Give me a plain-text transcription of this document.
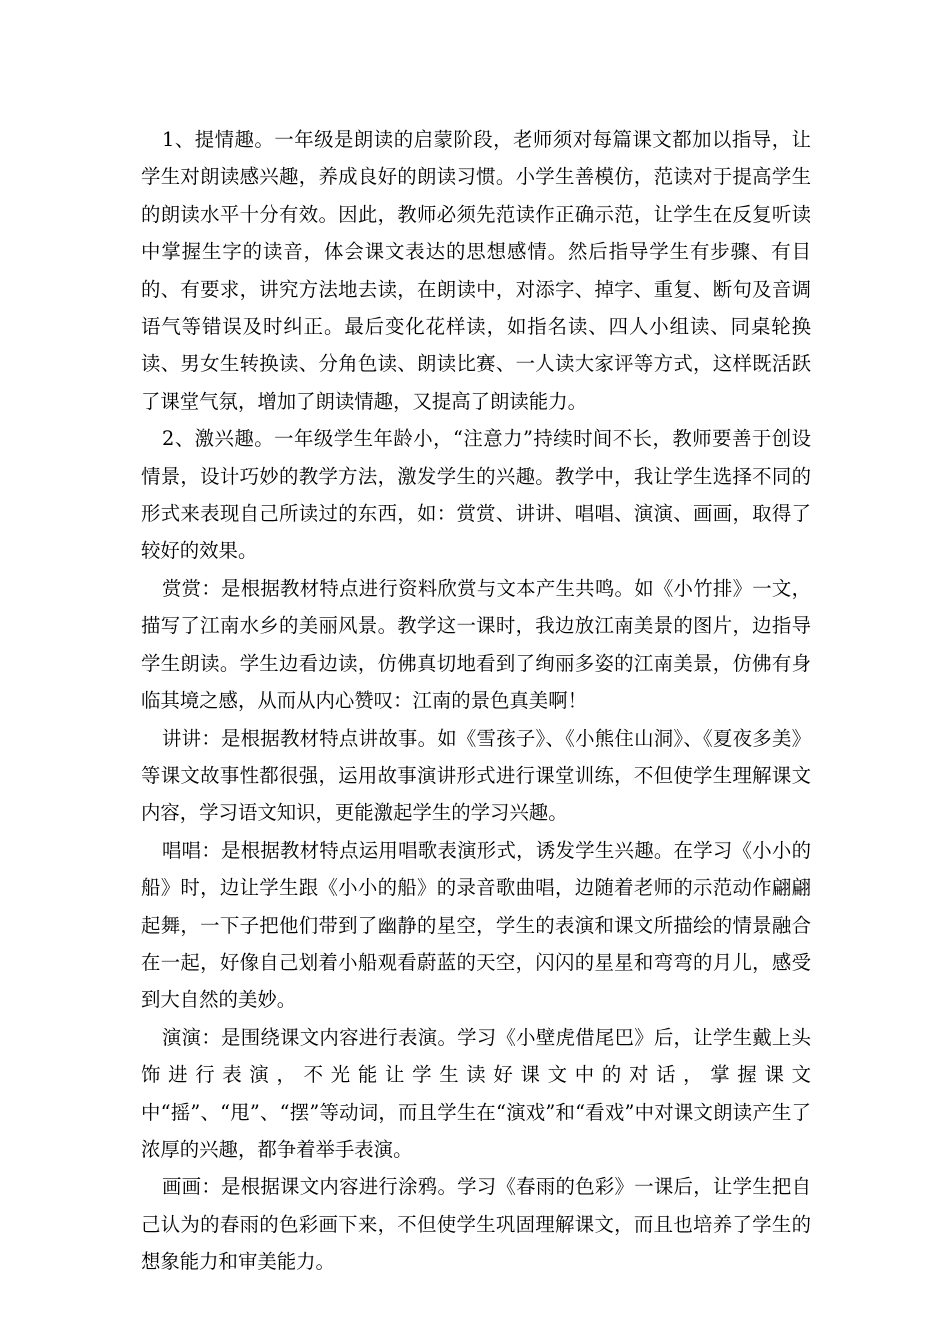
1、提情趣。一年级是朗读的启蒙阶段，老师须对每篇课文都加以指导，让学生对朗读感兴趣，养成良好的朗读习惯。小学生善模仿，范读对于提高学生的朗读水平十分有效。因此，教师必须先范读作正确示范，让学生在反复听读中掌握生字的读音，体会课文表达的思想感情。然后指导学生有步骤、有目的、有要求，讲究方法地去读，在朗读中，对添字、掉字、重复、断句及音调语气等错误及时纠正。最后变化花样读，如指名读、四人小组读、同桌轮换读、男女生转换读、分角色读、朗读比赛、一人读大家评等方式，这样既活跃了课堂气氛，增加了朗读情趣，又提高了朗读能力。

2、激兴趣。一年级学生年龄小，“注意力”持续时间不长，教师要善于创设情景，设计巧妙的教学方法，激发学生的兴趣。教学中，我让学生选择不同的形式来表现自己所读过的东西，如：赏赏、讲讲、唱唱、演演、画画，取得了较好的效果。

赏赏：是根据教材特点进行资料欣赏与文本产生共鸣。如《小竹排》一文，描写了江南水乡的美丽风景。教学这一课时，我边放江南美景的图片，边指导学生朗读。学生边看边读，仿佛真切地看到了绚丽多姿的江南美景，仿佛有身临其境之感，从而从内心赞叹：江南的景色真美啊！

讲讲：是根据教材特点讲故事。如《雪孩子》、《小熊住山洞》、《夏夜多美》等课文故事性都很强，运用故事演讲形式进行课堂训练，不但使学生理解课文内容，学习语文知识，更能激起学生的学习兴趣。

唱唱：是根据教材特点运用唱歌表演形式，诱发学生兴趣。在学习《小小的船》时，边让学生跟《小小的船》的录音歌曲唱，边随着老师的示范动作翩翩起舞，一下子把他们带到了幽静的星空，学生的表演和课文所描绘的情景融合在一起，好像自己划着小船观看蔚蓝的天空，闪闪的星星和弯弯的月儿，感受到大自然的美妙。

演演：是围绕课文内容进行表演。学习《小壁虎借尾巴》后，让学生戴上头饰进行表演，不光能让学生读好课文中的对话，掌握课文中“摇”、“甩”、“摆”等动词，而且学生在“演戏”和“看戏”中对课文朗读产生了浓厚的兴趣，都争着举手表演。

画画：是根据课文内容进行涂鸦。学习《春雨的色彩》一课后，让学生把自己认为的春雨的色彩画下来，不但使学生巩固理解课文，而且也培养了学生的想象能力和审美能力。
